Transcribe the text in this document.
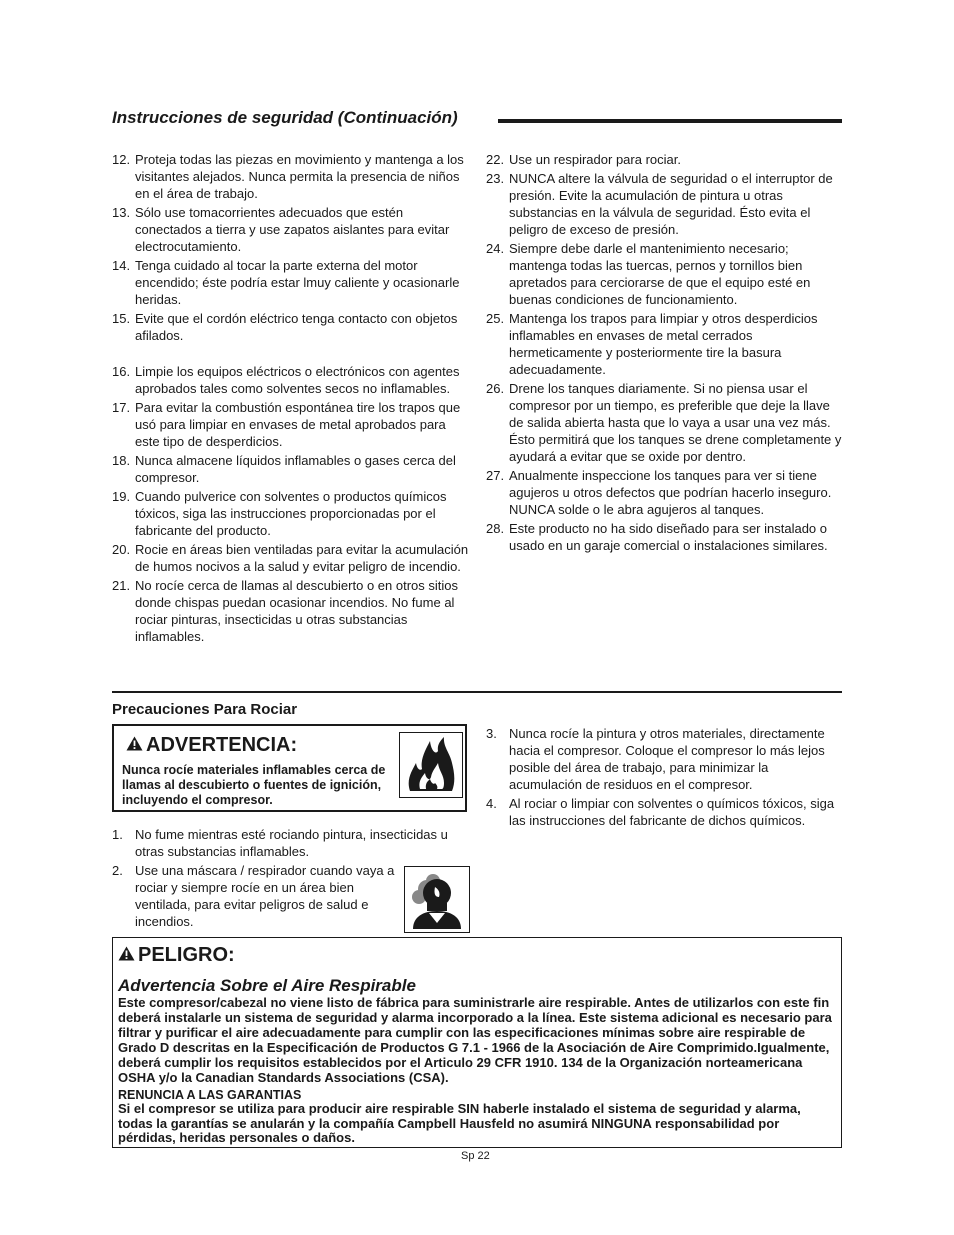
Instrucciones de seguridad (Continuación)
12. Proteja todas las piezas en movimiento y mantenga a los visitantes alejados. Nunca permita la presencia de niños en el área de trabajo.
13. Sólo use tomacorrientes adecuados que estén conectados a tierra y use zapatos aislantes para evitar electrocutamiento.
14. Tenga cuidado al tocar la parte externa del motor encendido; éste podría estar lmuy caliente y ocasionarle heridas.
15. Evite que el cordón eléctrico tenga contacto con objetos afilados.
16. Limpie los equipos eléctricos o electrónicos con agentes aprobados tales como solventes secos no inflamables.
17. Para evitar la combustión espontánea tire los trapos que usó para limpiar en envases de metal aprobados para este tipo de desperdicios.
18. Nunca almacene líquidos inflamables o gases cerca del compresor.
19. Cuando pulverice con solventes o productos químicos tóxicos, siga las instrucciones proporcionadas por el fabricante del producto.
20. Rocie en áreas bien ventiladas para evitar la acumulación de humos nocivos a la salud y evitar peligro de incendio.
21. No rocíe cerca de llamas al descubierto o en otros sitios donde chispas puedan ocasionar incendios. No fume al rociar pinturas, insecticidas u otras substancias inflamables.
22. Use un respirador para rociar.
23. NUNCA altere la válvula de seguridad o el interruptor de presión. Evite la acumulación de pintura u otras substancias en la válvula de seguridad. Ésto evita el peligro de exceso de presión.
24. Siempre debe darle el mantenimiento necesario; mantenga todas las tuercas, pernos y tornillos bien apretados para cerciorarse de que el equipo esté en buenas condiciones de funcionamiento.
25. Mantenga los trapos para limpiar y otros desperdicios inflamables en envases de metal cerrados hermeticamente y posteriormente tire la basura adecuadamente.
26. Drene los tanques diariamente. Si no piensa usar el compresor por un tiempo, es preferible que deje la llave de salida abierta hasta que lo vaya a usar una vez más. Ésto permitirá que los tanques se drene completamente y ayudará a evitar que se oxide por dentro.
27. Anualmente inspeccione los tanques para ver si tiene agujeros u otros defectos que podrían hacerlo inseguro. NUNCA solde o le abra agujeros al tanques.
28. Este producto no ha sido diseñado para ser instalado o usado en un garaje comercial o instalaciones similares.
Precauciones Para Rociar
ADVERTENCIA:
Nunca rocíe materiales inflamables cerca de llamas al descubierto o fuentes de ignición, incluyendo el compresor.
1. No fume mientras esté rociando pintura, insecticidas u otras substancias inflamables.
2. Use una máscara / respirador cuando vaya a rociar y siempre rocíe en un área bien ventilada, para evitar peligros de salud e incendios.
3. Nunca rocíe la pintura y otros materiales, directamente hacia el compresor. Coloque el compresor lo más lejos posible del área de trabajo, para minimizar la acumulación de residuos en el compresor.
4. Al rociar o limpiar con solventes o químicos tóxicos, siga las instrucciones del fabricante de dichos químicos.
PELIGRO:
Advertencia Sobre el Aire Respirable
Este compresor/cabezal no viene listo de fábrica para suministrarle aire respirable. Antes de utilizarlos con este fin deberá instalarle un sistema de seguridad y alarma incorporado a la línea. Este sistema adicional es necesario para filtrar y purificar el aire adecuadamente para cumplir con las especificaciones mínimas sobre aire respirable de Grado D descritas en la Especificación de Productos G 7.1 - 1966 de la Asociación de Aire Comprimido.Igualmente, deberá cumplir los requisitos establecidos por el Articulo 29 CFR 1910. 134 de la Organización norteamericana OSHA y/o la Canadian Standards Associations (CSA).
RENUNCIA A LAS GARANTIAS
Si el compresor se utiliza para producir aire respirable SIN haberle instalado el sistema de seguridad y alarma, todas la garantías se anularán y la compañía Campbell Hausfeld no asumirá NINGUNA responsabilidad por pérdidas, heridas personales o daños.
Sp 22
